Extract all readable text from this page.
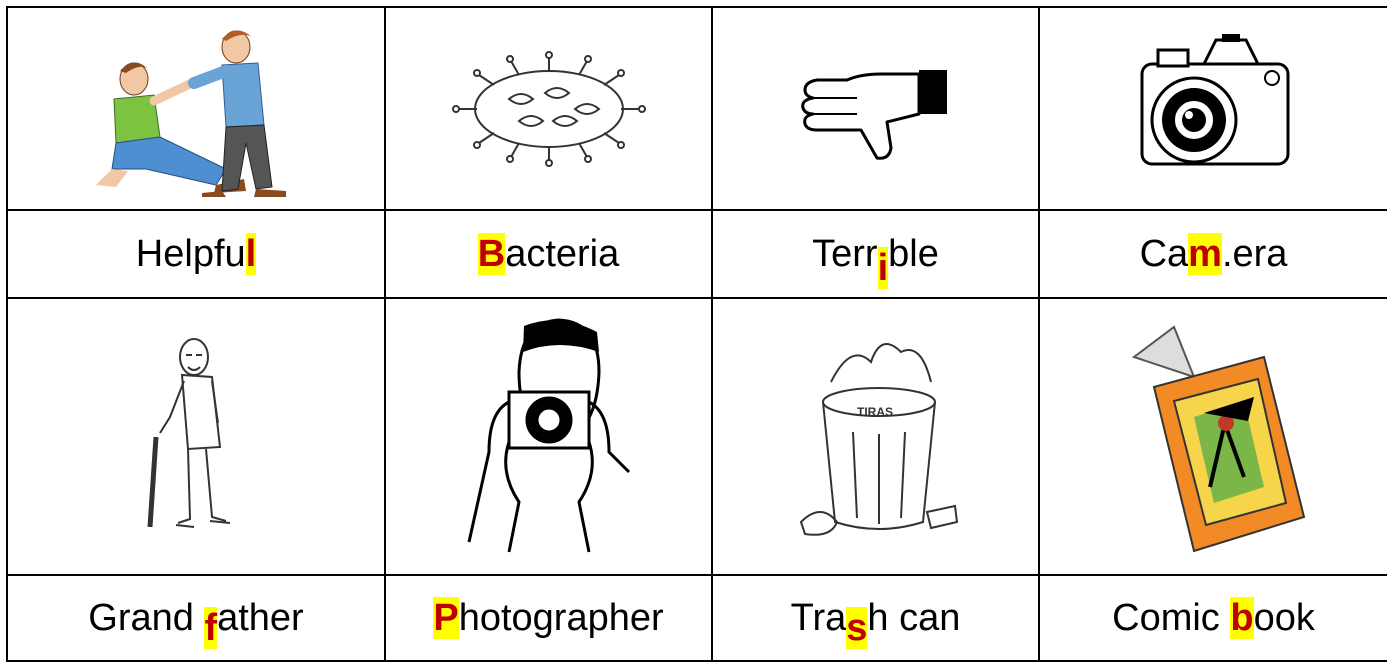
Helpful	Bacteria	Terrible	Cam.era

TIRAS

Grand father	Photographer	Trash can	Comic book
